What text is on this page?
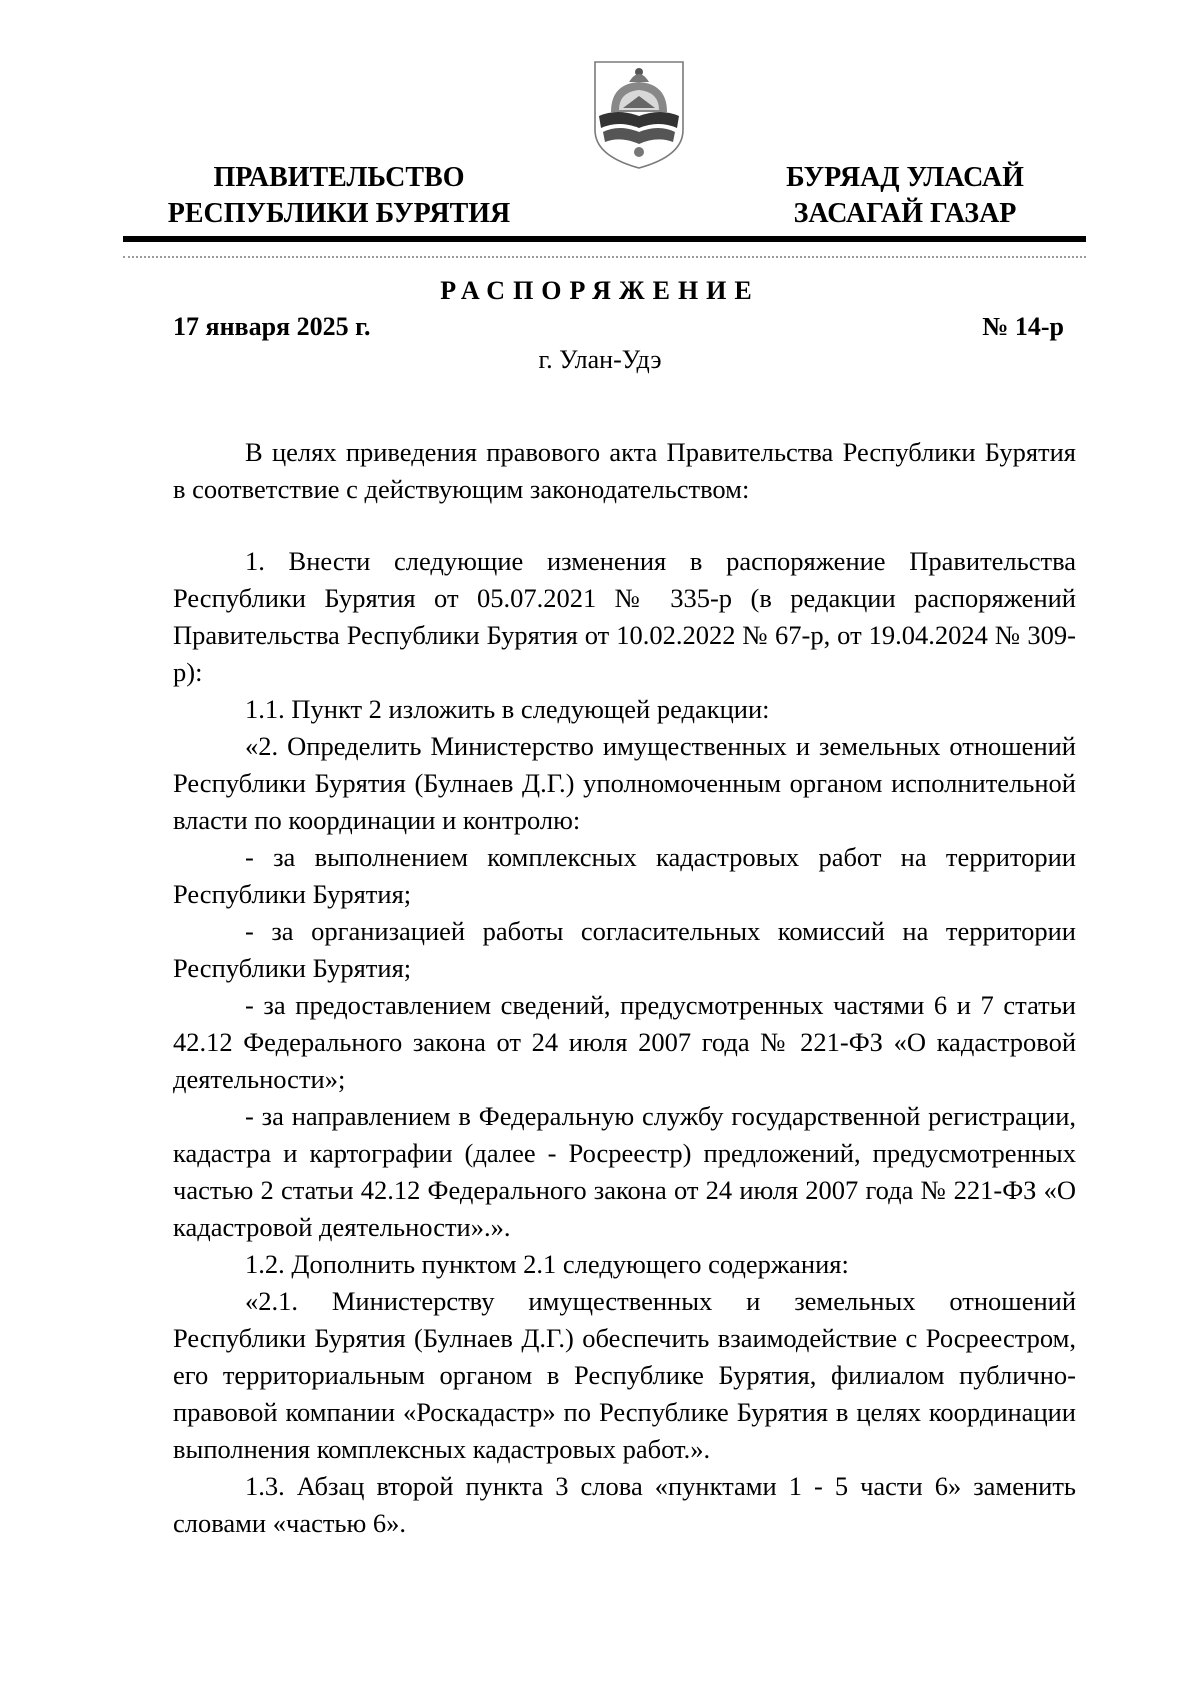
ПРАВИТЕЛЬСТВО
РЕСПУБЛИКИ БУРЯТИЯ
БУРЯАД УЛАСАЙ
ЗАСАГАЙ ГАЗАР
РАСПОРЯЖЕНИЕ
17 января 2025 г.	№ 14-р
г. Улан-Удэ

В целях приведения правового акта Правительства Республики Бурятия в соответствие с действующим законодательством:

1. Внести следующие изменения в распоряжение Правительства Республики Бурятия от 05.07.2021 № 335-р (в редакции распоряжений Правительства Республики Бурятия от 10.02.2022 № 67-р, от 19.04.2024 № 309-р):

1.1. Пункт 2 изложить в следующей редакции:

«2. Определить Министерство имущественных и земельных отношений Республики Бурятия (Булнаев Д.Г.) уполномоченным органом исполнительной власти по координации и контролю:

- за выполнением комплексных кадастровых работ на территории Республики Бурятия;

- за организацией работы согласительных комиссий на территории Республики Бурятия;

- за предоставлением сведений, предусмотренных частями 6 и 7 статьи 42.12 Федерального закона от 24 июля 2007 года № 221-ФЗ «О кадастровой деятельности»;

- за направлением в Федеральную службу государственной регистрации, кадастра и картографии (далее - Росреестр) предложений, предусмотренных частью 2 статьи 42.12 Федерального закона от 24 июля 2007 года № 221-ФЗ «О кадастровой деятельности».».

1.2. Дополнить пунктом 2.1 следующего содержания:

«2.1. Министерству имущественных и земельных отношений Республики Бурятия (Булнаев Д.Г.) обеспечить взаимодействие с Росреестром, его территориальным органом в Республике Бурятия, филиалом публично-правовой компании «Роскадастр» по Республике Бурятия в целях координации выполнения комплексных кадастровых работ.».

1.3. Абзац второй пункта 3 слова «пунктами 1 - 5 части 6» заменить словами «частью 6».
